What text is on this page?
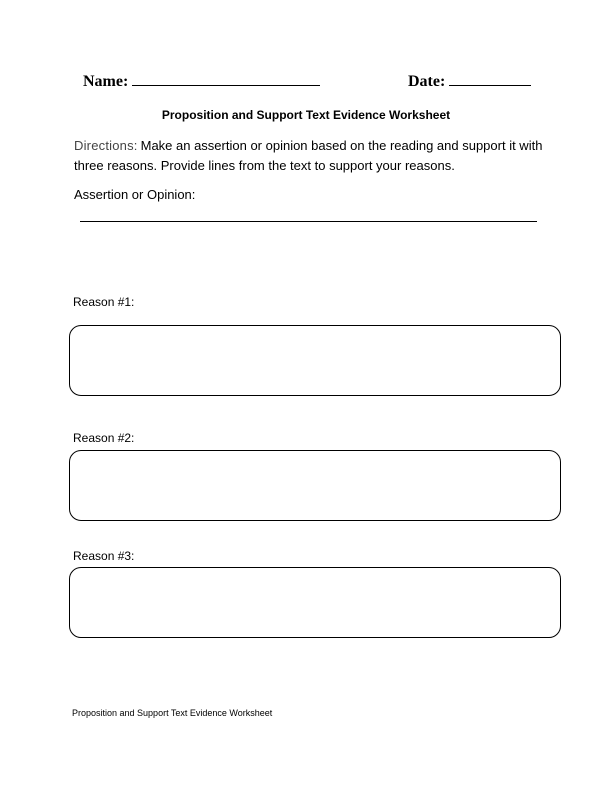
Name:	Date:
Proposition and Support Text Evidence Worksheet
Directions: Make an assertion or opinion based on the reading and support it with three reasons. Provide lines from the text to support your reasons.
Assertion or Opinion:
Reason #1:
Reason #2:
Reason #3:
Proposition and Support Text Evidence Worksheet
